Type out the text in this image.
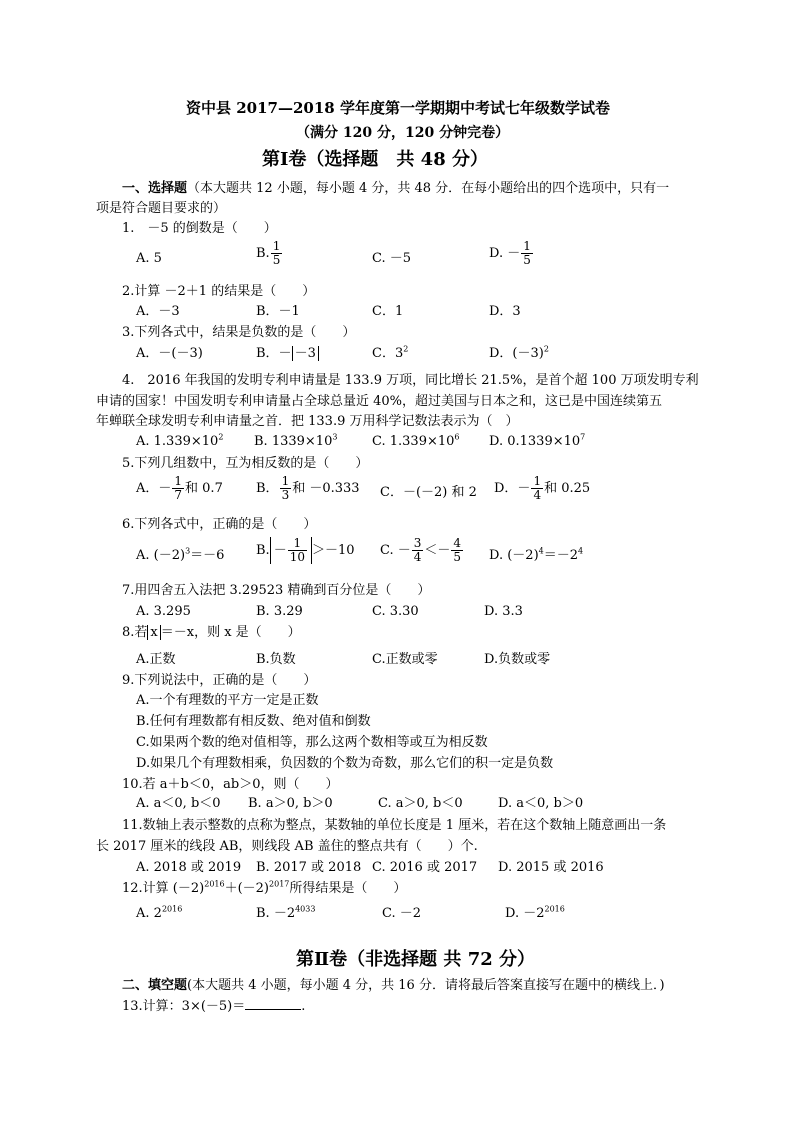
资中县 2017—2018 学年度第一学期期中考试七年级数学试卷
（满分 120 分，120 分钟完卷）
第Ⅰ卷（选择题　共 48 分）
一、选择题（本大题共 12 小题，每小题 4 分，共 48 分．在每小题给出的四个选项中，只有一
项是符合题目要求的）
1.　－5 的倒数是（　　）
A. 5	B. $\frac{1}{5}$	C. －5	D. － $\frac{1}{5}$
2.计算 －2＋1 的结果是（　　）
A．－3	B．－1	C．1	D．3
3.下列各式中，结果是负数的是（　　）
A．－(－3)	B．－ －3	C．$3^2$	D．$(-3)^2$
4.　2016 年我国的发明专利申请量是 133.9 万项，同比增长 21.5%，是首个超 100 万项发明专利
申请的国家！中国发明专利申请量占全球总量近 40%，超过美国与日本之和，这已是中国连续第五
年蝉联全球发明专利申请量之首．把 133.9 万用科学记数法表示为（　）
A. $1.339\times 10^2$ B. $1339\times 10^3$	C. $1.339\times 10^6$ D. $0.1339\times 10^7$
5.下列几组数中，互为相反数的是（　　）
A．－ $\frac{1}{7}$ 和 0.7	B． $\frac{1}{3}$ 和 －0.333 C．－(－2) 和 2 D．－ $\frac{1}{4}$ 和 0.25
6.下列各式中，正确的是（　　）
A. $(-2)^3=-6$ B. － $\frac{1}{10} >-10$ C. － $\frac{3}{4} <- \frac{4}{5} D$. $(-2)^4=-2^4$
7.用四舍五入法把 3.29523 精确到百分位是（　　）
A. 3.295	B. 3.29	C. 3.30	D. 3.3
8.若 x ＝－x，则 x 是（　　）
A.正数	B.负数	C.正数或零	D.负数或零
9.下列说法中，正确的是（　　）
A.一个有理数的平方一定是正数
B.任何有理数都有相反数、绝对值和倒数
C.如果两个数的绝对值相等，那么这两个数相等或互为相反数
D.如果几个有理数相乘，负因数的个数为奇数，那么它们的积一定是负数
10.若 a＋b＜0，ab＞0，则（　　）
A. a＜0, b＜0 B. a＞0, b＞0	C. a＞0, b＜0	D. a＜0, b＞0
11.数轴上表示整数的点称为整点，某数轴的单位长度是 1 厘米，若在这个数轴上随意画出一条
长 2017 厘米的线段 AB，则线段 AB 盖住的整点共有（　　）个.
A. 2018 或 2019 B. 2017 或 2018 C. 2016 或 2017 D. 2015 或 2016
12.计算 $(-2)^{2016}+(-2)^{2017}$所得结果是（　　）
A. $2^{2016}$	B. $-2^{4033}$	C. －2	D. $-2^{2016}$
第Ⅱ卷（非选择题 共 72 分）
二、填空题(本大题共 4 小题，每小题 4 分，共 16 分．请将最后答案直接写在题中的横线上．)
13.计算：3×(－5)＝	.
